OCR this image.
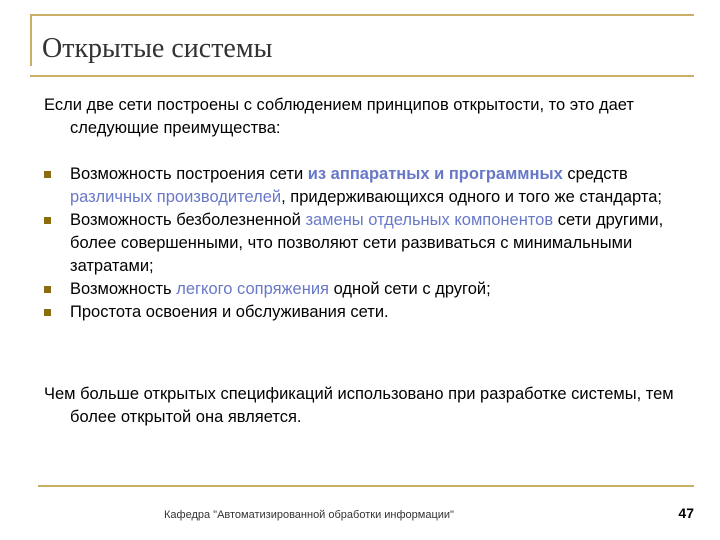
Открытые системы

Если две сети построены с соблюдением принципов открытости, то это дает следующие преимущества:

Возможность построения сети из аппаратных и программных средств различных производителей, придерживающихся одного и того же стандарта;
Возможность безболезненной замены отдельных компонентов сети другими, более совершенными, что позволяют сети развиваться с минимальными затратами;
Возможность легкого сопряжения одной сети с другой;
Простота освоения и обслуживания сети.

Чем больше открытых спецификаций использовано при разработке системы, тем более открытой она является.

Кафедра "Автоматизированной обработки информации"	47
